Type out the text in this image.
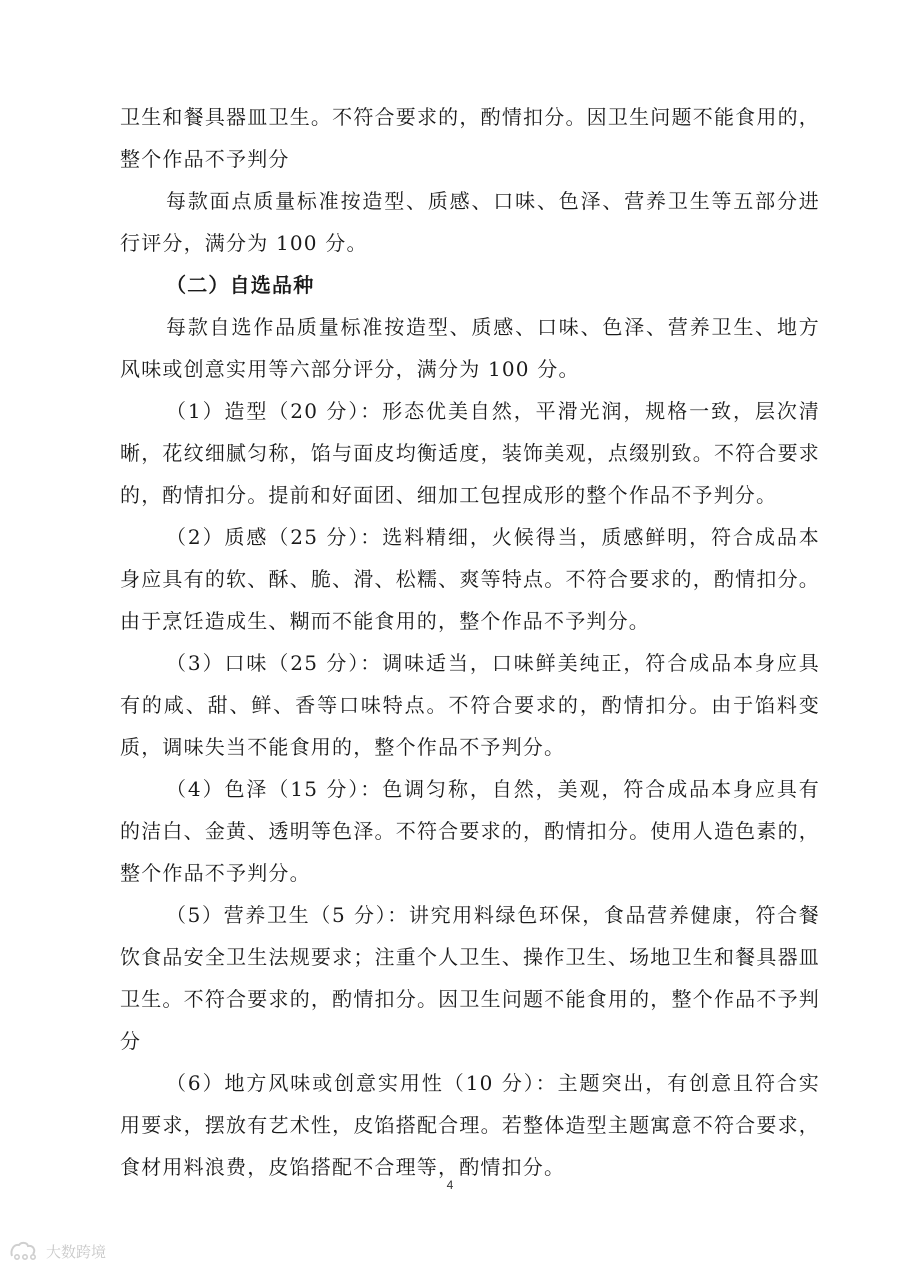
卫生和餐具器皿卫生。不符合要求的，酌情扣分。因卫生问题不能食用的，整个作品不予判分

每款面点质量标准按造型、质感、口味、色泽、营养卫生等五部分进行评分，满分为 100 分。

（二）自选品种

每款自选作品质量标准按造型、质感、口味、色泽、营养卫生、地方风味或创意实用等六部分评分，满分为 100 分。

（1）造型（20 分）：形态优美自然，平滑光润，规格一致，层次清晰，花纹细腻匀称，馅与面皮均衡适度，装饰美观，点缀别致。不符合要求的，酌情扣分。提前和好面团、细加工包捏成形的整个作品不予判分。

（2）质感（25 分）：选料精细，火候得当，质感鲜明，符合成品本身应具有的软、酥、脆、滑、松糯、爽等特点。不符合要求的，酌情扣分。由于烹饪造成生、糊而不能食用的，整个作品不予判分。

（3）口味（25 分）：调味适当，口味鲜美纯正，符合成品本身应具有的咸、甜、鲜、香等口味特点。不符合要求的，酌情扣分。由于馅料变质，调味失当不能食用的，整个作品不予判分。

（4）色泽（15 分）：色调匀称，自然，美观，符合成品本身应具有的洁白、金黄、透明等色泽。不符合要求的，酌情扣分。使用人造色素的，整个作品不予判分。

（5）营养卫生（5 分）：讲究用料绿色环保，食品营养健康，符合餐饮食品安全卫生法规要求；注重个人卫生、操作卫生、场地卫生和餐具器皿卫生。不符合要求的，酌情扣分。因卫生问题不能食用的，整个作品不予判分

（6）地方风味或创意实用性（10 分）：主题突出，有创意且符合实用要求，摆放有艺术性，皮馅搭配合理。若整体造型主题寓意不符合要求，食材用料浪费，皮馅搭配不合理等，酌情扣分。

4
大数跨境
